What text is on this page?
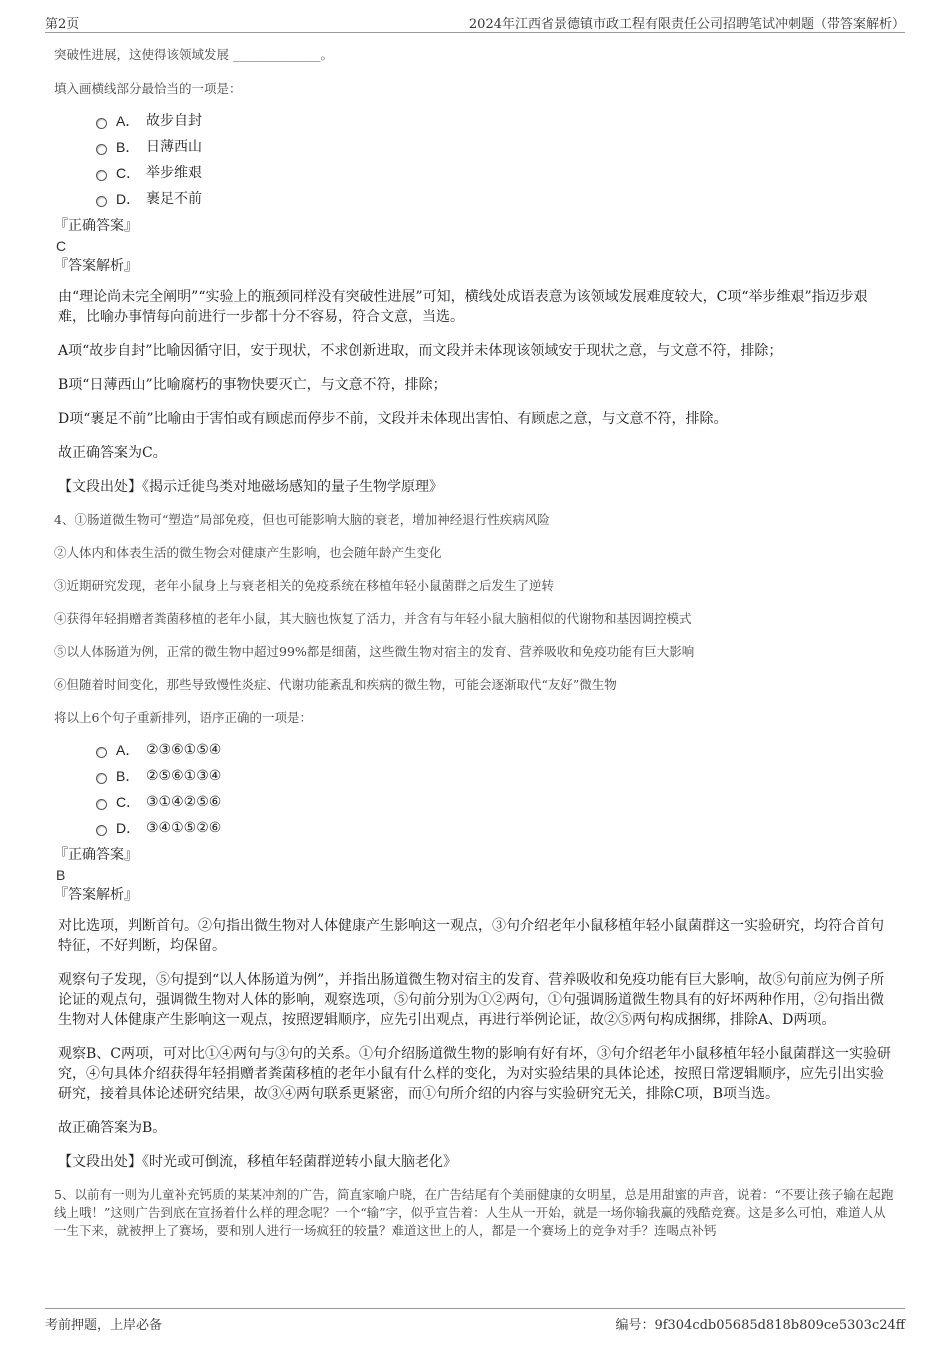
第2页	2024年江西省景德镇市政工程有限责任公司招聘笔试冲刺题（带答案解析）
突破性进展，这使得该领域发展 ______________。
填入画横线部分最恰当的一项是：
A． 故步自封
B． 日薄西山
C． 举步维艰
D． 裹足不前
『正确答案』
C
『答案解析』
由“理论尚未完全阐明”“实验上的瓶颈同样没有突破性进展”可知，横线处成语表意为该领域发展难度较大，C项“举步维艰”指迈步艰难，比喻办事情每向前进行一步都十分不容易，符合文意，当选。
A项“故步自封”比喻因循守旧，安于现状，不求创新进取，而文段并未体现该领域安于现状之意，与文意不符，排除；
B项“日薄西山”比喻腐朽的事物快要灭亡，与文意不符，排除；
D项“裹足不前”比喻由于害怕或有顾虑而停步不前，文段并未体现出害怕、有顾虑之意，与文意不符，排除。
故正确答案为C。
【文段出处】《揭示迁徙鸟类对地磁场感知的量子生物学原理》
4、①肠道微生物可“塑造”局部免疫，但也可能影响大脑的衰老，增加神经退行性疾病风险
②人体内和体表生活的微生物会对健康产生影响，也会随年龄产生变化
③近期研究发现，老年小鼠身上与衰老相关的免疫系统在移植年轻小鼠菌群之后发生了逆转
④获得年轻捐赠者粪菌移植的老年小鼠，其大脑也恢复了活力，并含有与年轻小鼠大脑相似的代谢物和基因调控模式
⑤以人体肠道为例，正常的微生物中超过99%都是细菌，这些微生物对宿主的发育、营养吸收和免疫功能有巨大影响
⑥但随着时间变化，那些导致慢性炎症、代谢功能紊乱和疾病的微生物，可能会逐渐取代“友好”微生物
将以上6个句子重新排列，语序正确的一项是：
A． ②③⑥①⑤④
B． ②⑤⑥①③④
C． ③①④②⑤⑥
D． ③④①⑤②⑥
『正确答案』
B
『答案解析』
对比选项，判断首句。②句指出微生物对人体健康产生影响这一观点，③句介绍老年小鼠移植年轻小鼠菌群这一实验研究，均符合首句特征，不好判断，均保留。
观察句子发现，⑤句提到“以人体肠道为例”，并指出肠道微生物对宿主的发育、营养吸收和免疫功能有巨大影响，故⑤句前应为例子所论证的观点句，强调微生物对人体的影响，观察选项，⑤句前分别为①②两句，①句强调肠道微生物具有的好坏两种作用，②句指出微生物对人体健康产生影响这一观点，按照逻辑顺序，应先引出观点，再进行举例论证，故②⑤两句构成捆绑，排除A、D两项。
观察B、C两项，可对比①④两句与③句的关系。①句介绍肠道微生物的影响有好有坏，③句介绍老年小鼠移植年轻小鼠菌群这一实验研究，④句具体介绍获得年轻捐赠者粪菌移植的老年小鼠有什么样的变化，为对实验结果的具体论述，按照日常逻辑顺序，应先引出实验研究，接着具体论述研究结果，故③④两句联系更紧密，而①句所介绍的内容与实验研究无关，排除C项，B项当选。
故正确答案为B。
【文段出处】《时光或可倒流，移植年轻菌群逆转小鼠大脑老化》
5、以前有一则为儿童补充钙质的某某冲剂的广告，简直家喻户晓，在广告结尾有个美丽健康的女明星，总是用甜蜜的声音，说着：“不要让孩子输在起跑线上哦！”这则广告到底在宣扬着什么样的理念呢？一个“输”字，似乎宣告着：人生从一开始，就是一场你输我赢的残酷竞赛。这是多么可怕，难道人从一生下来，就被押上了赛场，要和别人进行一场疯狂的较量？难道这世上的人，都是一个赛场上的竞争对手？连喝点补钙
考前押题，上岸必备	编号：9f304cdb05685d818b809ce5303c24ff
